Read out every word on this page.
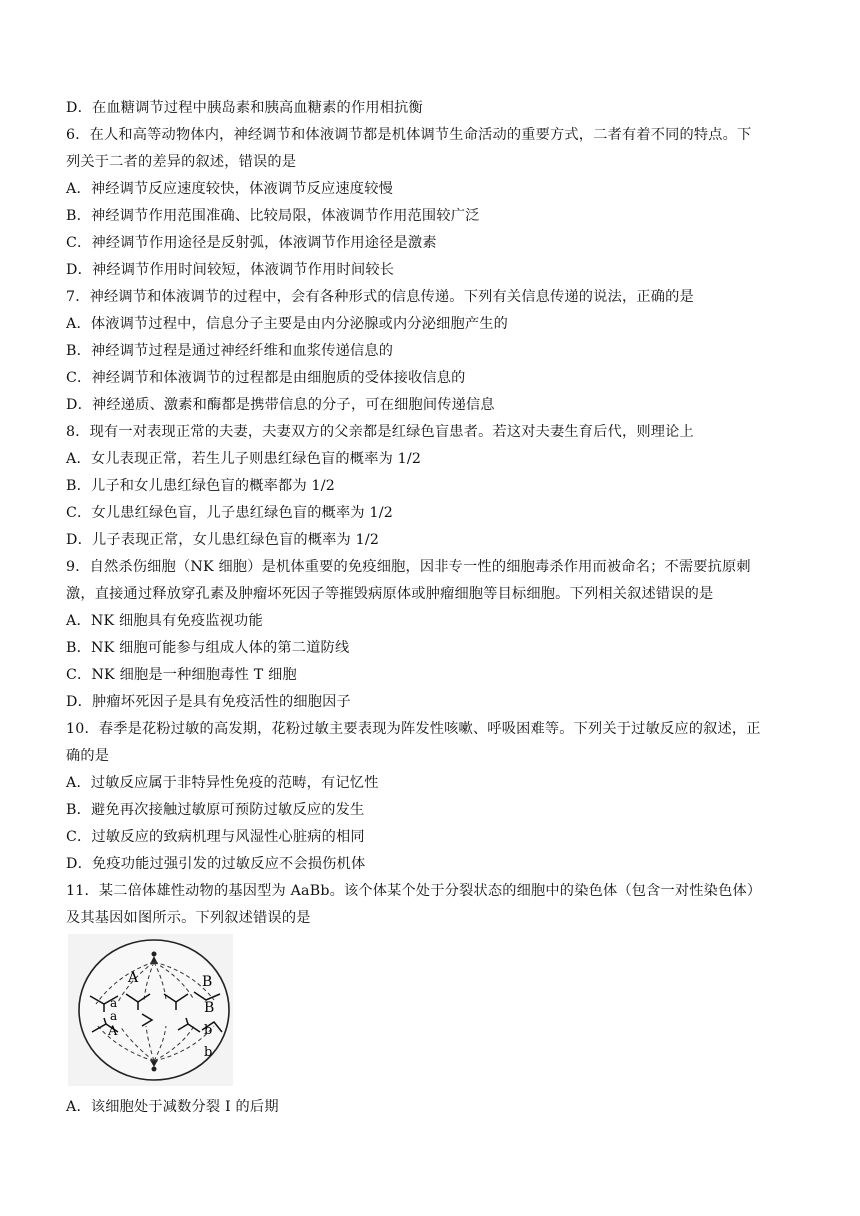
D．在血糖调节过程中胰岛素和胰高血糖素的作用相抗衡
6．在人和高等动物体内，神经调节和体液调节都是机体调节生命活动的重要方式，二者有着不同的特点。下
列关于二者的差异的叙述，错误的是
A．神经调节反应速度较快，体液调节反应速度较慢
B．神经调节作用范围准确、比较局限，体液调节作用范围较广泛
C．神经调节作用途径是反射弧，体液调节作用途径是激素
D．神经调节作用时间较短，体液调节作用时间较长
7．神经调节和体液调节的过程中，会有各种形式的信息传递。下列有关信息传递的说法，正确的是
A．体液调节过程中，信息分子主要是由内分泌腺或内分泌细胞产生的
B．神经调节过程是通过神经纤维和血浆传递信息的
C．神经调节和体液调节的过程都是由细胞质的受体接收信息的
D．神经递质、激素和酶都是携带信息的分子，可在细胞间传递信息
8．现有一对表现正常的夫妻，夫妻双方的父亲都是红绿色盲患者。若这对夫妻生育后代，则理论上
A．女儿表现正常，若生儿子则患红绿色盲的概率为 1/2
B．儿子和女儿患红绿色盲的概率都为 1/2
C．女儿患红绿色盲，儿子患红绿色盲的概率为 1/2
D．儿子表现正常，女儿患红绿色盲的概率为 1/2
9．自然杀伤细胞（NK 细胞）是机体重要的免疫细胞，因非专一性的细胞毒杀作用而被命名；不需要抗原刺
激，直接通过释放穿孔素及肿瘤坏死因子等摧毁病原体或肿瘤细胞等目标细胞。下列相关叙述错误的是
A．NK 细胞具有免疫监视功能
B．NK 细胞可能参与组成人体的第二道防线
C．NK 细胞是一种细胞毒性 T 细胞
D．肿瘤坏死因子是具有免疫活性的细胞因子
10．春季是花粉过敏的高发期，花粉过敏主要表现为阵发性咳嗽、呼吸困难等。下列关于过敏反应的叙述，正
确的是
A．过敏反应属于非特异性免疫的范畴，有记忆性
B．避免再次接触过敏原可预防过敏反应的发生
C．过敏反应的致病机理与风湿性心脏病的相同
D．免疫功能过强引发的过敏反应不会损伤机体
11．某二倍体雄性动物的基因型为 AaBb。该个体某个处于分裂状态的细胞中的染色体（包含一对性染色体）
及其基因如图所示。下列叙述错误的是
A
a
a
A
B
B
b
b
A．该细胞处于减数分裂 I 的后期
